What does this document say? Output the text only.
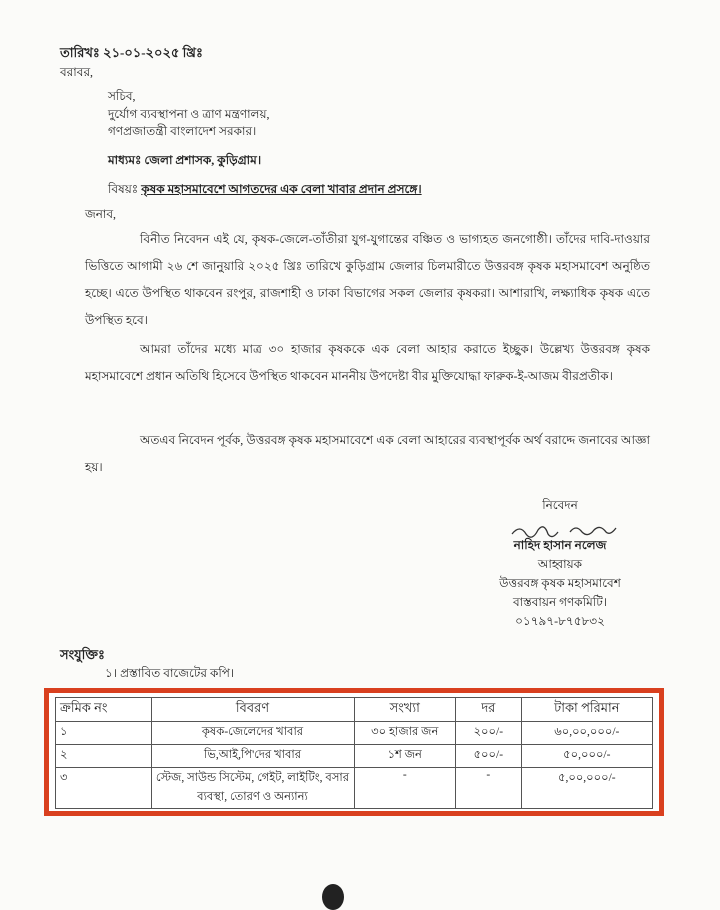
তারিখঃ ২১-০১-২০২৫ খ্রিঃ
বরাবর,
সচিব,
দুর্যোগ ব্যবস্থাপনা ও ত্রাণ মন্ত্রণালয়,
গণপ্রজাতন্ত্রী বাংলাদেশ সরকার।
মাধ্যমঃ জেলা প্রশাসক, কুড়িগ্রাম।
বিষয়ঃ কৃষক মহাসমাবেশে আগতদের এক বেলা খাবার প্রদান প্রসঙ্গে।
জনাব,
বিনীত নিবেদন এই যে, কৃষক-জেলে-তাঁতীরা যুগ-যুগান্তের বঞ্চিত ও ভাগ্যহত জনগোষ্ঠী। তাঁদের দাবি-দাওয়ার ভিত্তিতে আগামী ২৬ শে জানুয়ারি ২০২৫ খ্রিঃ তারিখে কুড়িগ্রাম জেলার চিলমারীতে উত্তরবঙ্গ কৃষক মহাসমাবেশ অনুষ্ঠিত হচ্ছে। এতে উপস্থিত থাকবেন রংপুর, রাজশাহী ও ঢাকা বিভাগের সকল জেলার কৃষকরা। আশারাখি, লক্ষ্যাধিক কৃষক এতে উপস্থিত হবে।
আমরা তাঁদের মধ্যে মাত্র ৩০ হাজার কৃষককে এক বেলা আহার করাতে ইচ্ছুক। উল্লেখ্য উত্তরবঙ্গ কৃষক মহাসমাবেশে প্রধান অতিথি হিসেবে উপস্থিত থাকবেন মাননীয় উপদেষ্টা বীর মুক্তিযোদ্ধা ফারুক-ই-আজম বীরপ্রতীক।
অতএব নিবেদন পূর্বক, উত্তরবঙ্গ কৃষক মহাসমাবেশে এক বেলা আহারের ব্যবস্থাপূর্বক অর্থ বরাদ্দে জনাবের আজ্ঞা হয়।
নিবেদন
নাহিদ হাসান নলেজ
আহ্বায়ক
উত্তরবঙ্গ কৃষক মহাসমাবেশ
বাস্তবায়ন গণকমিটি।
০১৭৯৭-৮৭৫৮৩২
সংযুক্তিঃ
১। প্রস্তাবিত বাজেটের কপি।
ক্রমিক নং	বিবরণ	সংখ্যা	দর	টাকা পরিমান
১	কৃষক-জেলেদের খাবার	৩০ হাজার জন	২০০/-	৬০,০০,০০০/-
২	ভি,আই,পি'দের খাবার	১শ জন	৫০০/-	৫০,০০০/-
৩	স্টেজ, সাউন্ড সিস্টেম, গেইট, লাইটিং, বসার ব্যবস্থা, তোরণ ও অন্যান্য	-	-	৫,০০,০০০/-
